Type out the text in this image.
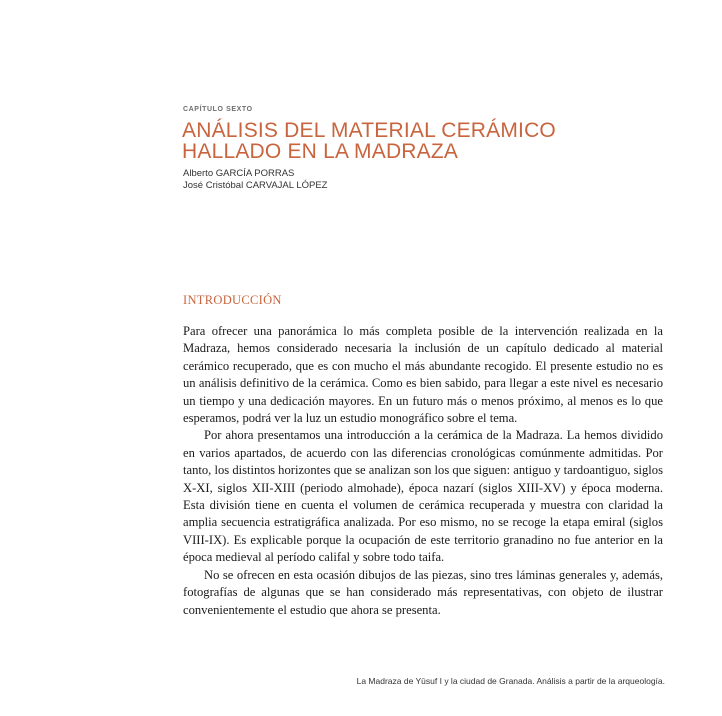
CAPÍTULO SEXTO
ANÁLISIS DEL MATERIAL CERÁMICO
HALLADO EN LA MADRAZA
Alberto GARCÍA PORRAS
José Cristóbal CARVAJAL LÓPEZ
INTRODUCCIÓN

Para ofrecer una panorámica lo más completa posible de la intervención realizada en la Madraza, hemos considerado necesaria la inclusión de un capítulo dedicado al material cerámico recuperado, que es con mucho el más abundante recogido. El presente estudio no es un análisis definitivo de la cerámica. Como es bien sabido, para llegar a este nivel es necesario un tiempo y una dedicación mayores. En un futuro más o menos próximo, al menos es lo que esperamos, podrá ver la luz un estudio monográfico sobre el tema.

Por ahora presentamos una introducción a la cerámica de la Madraza. La hemos dividido en varios apartados, de acuerdo con las diferencias cronológicas comúnmente admitidas. Por tanto, los distintos horizontes que se analizan son los que siguen: antiguo y tardoantiguo, siglos X-XI, siglos XII-XIII (periodo almohade), época nazarí (siglos XIII-XV) y época moderna. Esta división tiene en cuenta el volumen de cerámica recuperada y muestra con claridad la amplia secuencia estratigráfica analizada. Por eso mismo, no se recoge la etapa emiral (siglos VIII-IX). Es explicable porque la ocupación de este territorio granadino no fue anterior en la época medieval al período califal y sobre todo taifa.

No se ofrecen en esta ocasión dibujos de las piezas, sino tres láminas generales y, además, fotografías de algunas que se han considerado más representativas, con objeto de ilustrar convenientemente el estudio que ahora se presenta.

La Madraza de Yūsuf I y la ciudad de Granada. Análisis a partir de la arqueología.
